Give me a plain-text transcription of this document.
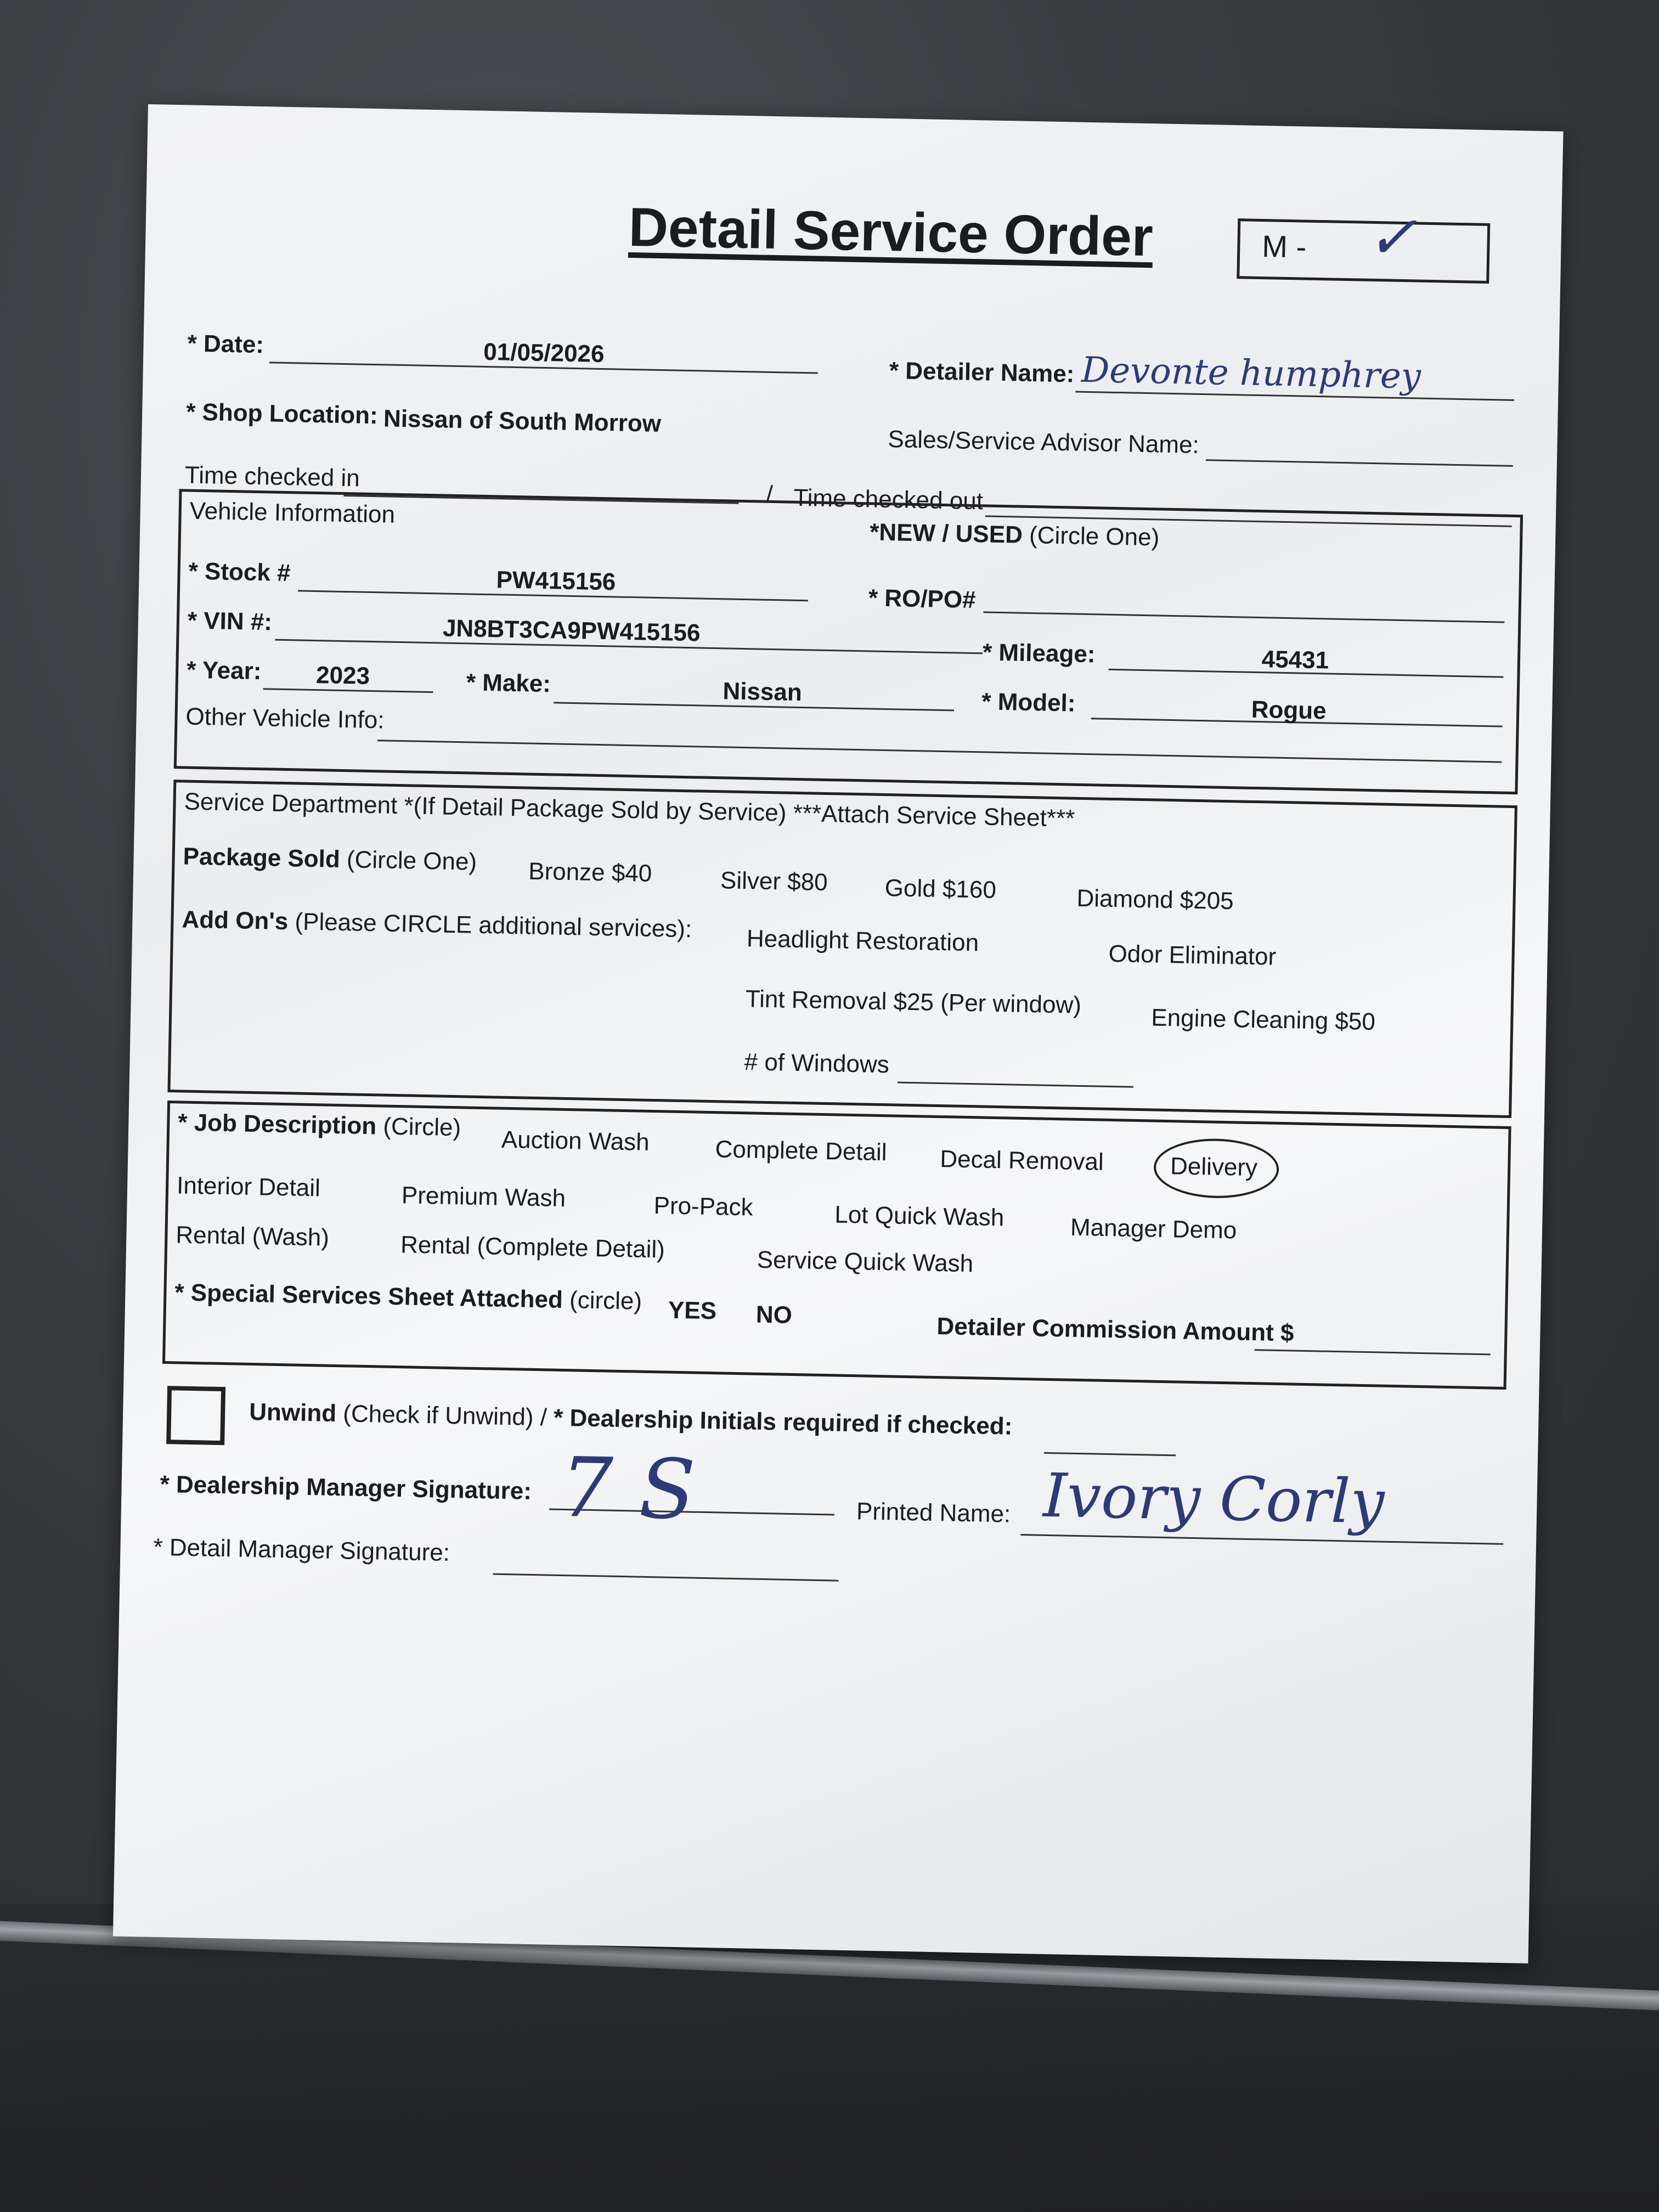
Detail Service Order	M - ✓
* Date:	01/05/2026
* Detailer Name: Devonte humphrey
* Shop Location: Nissan of South Morrow
Sales/Service Advisor Name:
Time checked in
/ Time checked out
Vehicle Information
*NEW / USED (Circle One)
* Stock #	PW415156
* RO/PO#
* VIN #:	JN8BT3CA9PW415156
* Mileage:	45431
* Year:	2023	* Make:	Nissan	* Model:	Rogue
Other Vehicle Info:
Service Department *(If Detail Package Sold by Service) ***Attach Service Sheet***
Package Sold (Circle One) Bronze $40	Silver $80 Gold $160	Diamond $205
Add On's (Please CIRCLE additional services): Headlight Restoration	Odor Eliminator
Tint Removal $25 (Per window)
Engine Cleaning $50
# of Windows
* Job Description (Circle) Auction Wash	Complete Detail Decal Removal	Delivery
Interior Detail	Premium Wash	Pro-Pack	Lot Quick Wash	Manager Demo
Rental (Wash)	Rental (Complete Detail)	Service Quick Wash
* Special Services Sheet Attached (circle) YES NO	Detailer Commission Amount $
Unwind (Check if Unwind) / * Dealership Initials required if checked:
* Dealership Manager Signature: 7 S	Printed Name: Ivory Corly
* Detail Manager Signature:
